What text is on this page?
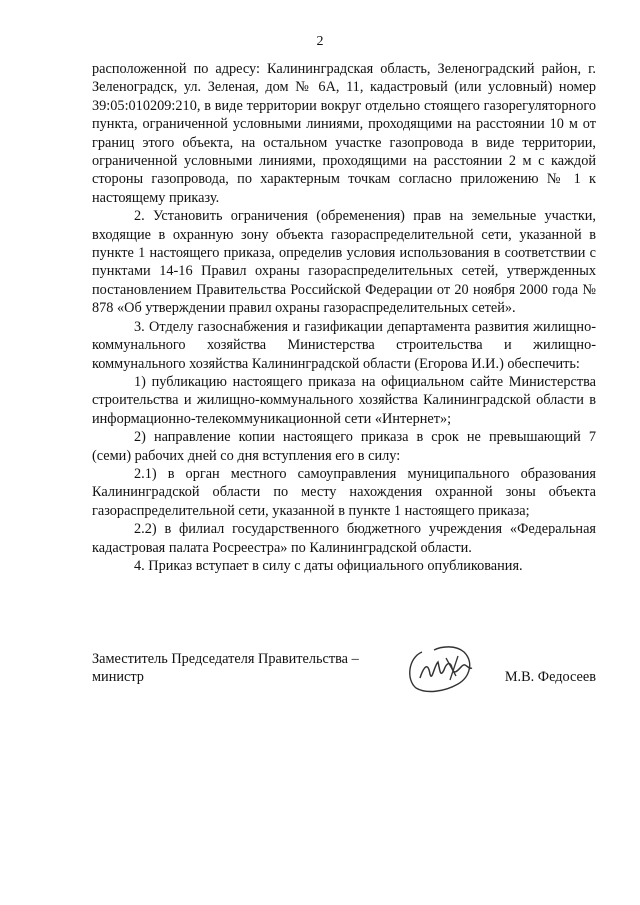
2

расположенной по адресу: Калининградская область, Зеленоградский район, г. Зеленоградск, ул. Зеленая, дом № 6А, 11, кадастровый (или условный) номер 39:05:010209:210, в виде территории вокруг отдельно стоящего газорегуляторного пункта, ограниченной условными линиями, проходящими на расстоянии 10 м от границ этого объекта, на остальном участке газопровода в виде территории, ограниченной условными линиями, проходящими на расстоянии 2 м с каждой стороны газопровода, по характерным точкам согласно приложению № 1 к настоящему приказу.

2. Установить ограничения (обременения) прав на земельные участки, входящие в охранную зону объекта газораспределительной сети, указанной в пункте 1 настоящего приказа, определив условия использования в соответствии с пунктами 14-16 Правил охраны газораспределительных сетей, утвержденных постановлением Правительства Российской Федерации от 20 ноября 2000 года № 878 «Об утверждении правил охраны газораспределительных сетей».

3. Отделу газоснабжения и газификации департамента развития жилищно-коммунального хозяйства Министерства строительства и жилищно-коммунального хозяйства Калининградской области (Егорова И.И.) обеспечить:

1) публикацию настоящего приказа на официальном сайте Министерства строительства и жилищно-коммунального хозяйства Калининградской области в информационно-телекоммуникационной сети «Интернет»;

2) направление копии настоящего приказа в срок не превышающий 7 (семи) рабочих дней со дня вступления его в силу:

2.1) в орган местного самоуправления муниципального образования Калининградской области по месту нахождения охранной зоны объекта газораспределительной сети, указанной в пункте 1 настоящего приказа;

2.2) в филиал государственного бюджетного учреждения «Федеральная кадастровая палата Росреестра» по Калининградской области.

4. Приказ вступает в силу с даты официального опубликования.

Заместитель Председателя Правительства –
министр	М.В. Федосеев
